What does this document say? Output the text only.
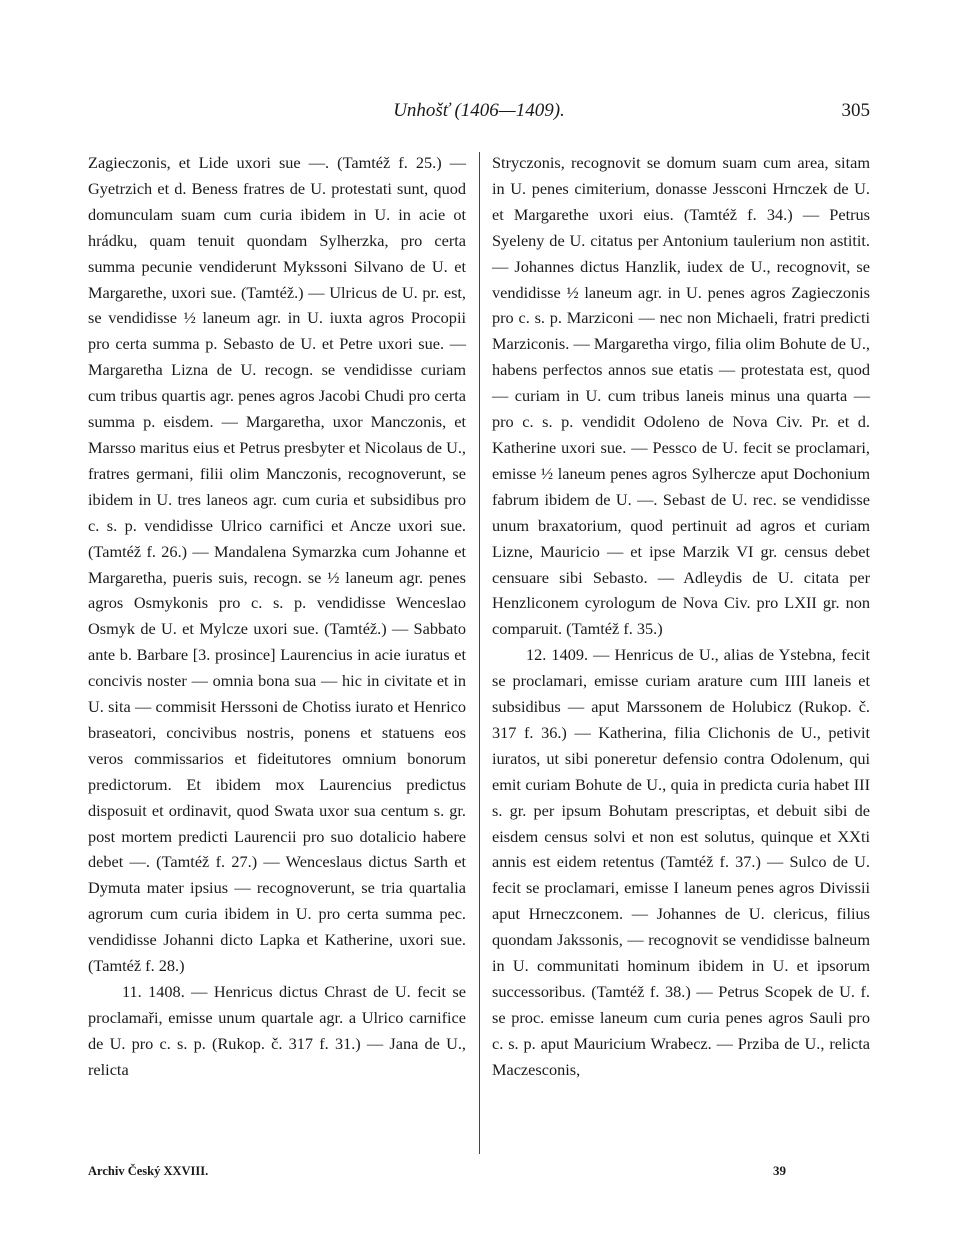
Unhošť (1406—1409).	305

Zagieczonis, et Lide uxori sue —. (Tamtéž f. 25.) — Gyetrzich et d. Beness fratres de U. protestati sunt, quod domunculam suam cum curia ibidem in U. in acie ot hrádku, quam tenuit quondam Sylherzka, pro certa summa pecunie vendiderunt Mykssoni Silvano de U. et Margarethe, uxori sue. (Tamtéž.) — Ulricus de U. pr. est, se vendidisse ½ laneum agr. in U. iuxta agros Procopii pro certa summa p. Sebasto de U. et Petre uxori sue. — Margaretha Lizna de U. recogn. se vendidisse curiam cum tribus quartis agr. penes agros Jacobi Chudi pro certa summa p. eisdem. — Margaretha, uxor Manczonis, et Marsso maritus eius et Petrus presbyter et Nicolaus de U., fratres germani, filii olim Manczonis, recognoverunt, se ibidem in U. tres laneos agr. cum curia et subsidibus pro c. s. p. vendidisse Ulrico carnifici et Ancze uxori sue. (Tamtéž f. 26.) — Mandalena Symarzka cum Johanne et Margaretha, pueris suis, recogn. se ½ laneum agr. penes agros Osmykonis pro c. s. p. vendidisse Wenceslao Osmyk de U. et Mylcze uxori sue. (Tamtéž.) — Sabbato ante b. Barbare [3. prosince] Laurencius in acie iuratus et concivis noster — omnia bona sua — hic in civitate et in U. sita — commisit Herssoni de Chotiss iurato et Henrico braseatori, concivibus nostris, ponens et statuens eos veros commissarios et fideitutores omnium bonorum predictorum. Et ibidem mox Laurencius predictus disposuit et ordinavit, quod Swata uxor sua centum s. gr. post mortem predicti Laurencii pro suo dotalicio habere debet —. (Tamtéž f. 27.) — Wenceslaus dictus Sarth et Dymuta mater ipsius — recognoverunt, se tria quartalia agrorum cum curia ibidem in U. pro certa summa pec. vendidisse Johanni dicto Lapka et Katherine, uxori sue. (Tamtéž f. 28.)

11. 1408. — Henricus dictus Chrast de U. fecit se proclamaři, emisse unum quartale agr. a Ulrico carnifice de U. pro c. s. p. (Rukop. č. 317 f. 31.) — Jana de U., relicta

Stryczonis, recognovit se domum suam cum area, sitam in U. penes cimiterium, donasse Jessconi Hrnczek de U. et Margarethe uxori eius. (Tamtéž f. 34.) — Petrus Syeleny de U. citatus per Antonium taulerium non astitit. — Johannes dictus Hanzlik, iudex de U., recognovit, se vendidisse ½ laneum agr. in U. penes agros Zagieczonis pro c. s. p. Marziconi — nec non Michaeli, fratri predicti Marziconis. — Margaretha virgo, filia olim Bohute de U., habens perfectos annos sue etatis — protestata est, quod — curiam in U. cum tribus laneis minus una quarta — pro c. s. p. vendidit Odoleno de Nova Civ. Pr. et d. Katherine uxori sue. — Pessco de U. fecit se proclamari, emisse ½ laneum penes agros Sylhercze aput Dochonium fabrum ibidem de U. —. Sebast de U. rec. se vendidisse unum braxatorium, quod pertinuit ad agros et curiam Lizne, Mauricio — et ipse Marzik VI gr. census debet censuare sibi Sebasto. — Adleydis de U. citata per Henzliconem cyrologum de Nova Civ. pro LXII gr. non comparuit. (Tamtéž f. 35.)

12. 1409. — Henricus de U., alias de Ystebna, fecit se proclamari, emisse curiam arature cum IIII laneis et subsidibus — aput Marssonem de Holubicz (Rukop. č. 317 f. 36.) — Katherina, filia Clichonis de U., petivit iuratos, ut sibi poneretur defensio contra Odolenum, qui emit curiam Bohute de U., quia in predicta curia habet III s. gr. per ipsum Bohutam prescriptas, et debuit sibi de eisdem census solvi et non est solutus, quinque et XXti annis est eidem retentus (Tamtéž f. 37.) — Sulco de U. fecit se proclamari, emisse I laneum penes agros Divissii aput Hrneczconem. — Johannes de U. clericus, filius quondam Jakssonis, — recognovit se vendidisse balneum in U. communitati hominum ibidem in U. et ipsorum successoribus. (Tamtéž f. 38.) — Petrus Scopek de U. f. se proc. emisse laneum cum curia penes agros Sauli pro c. s. p. aput Mauricium Wrabecz. — Prziba de U., relicta Maczesconis,

Archiv Český XXVIII.	39
